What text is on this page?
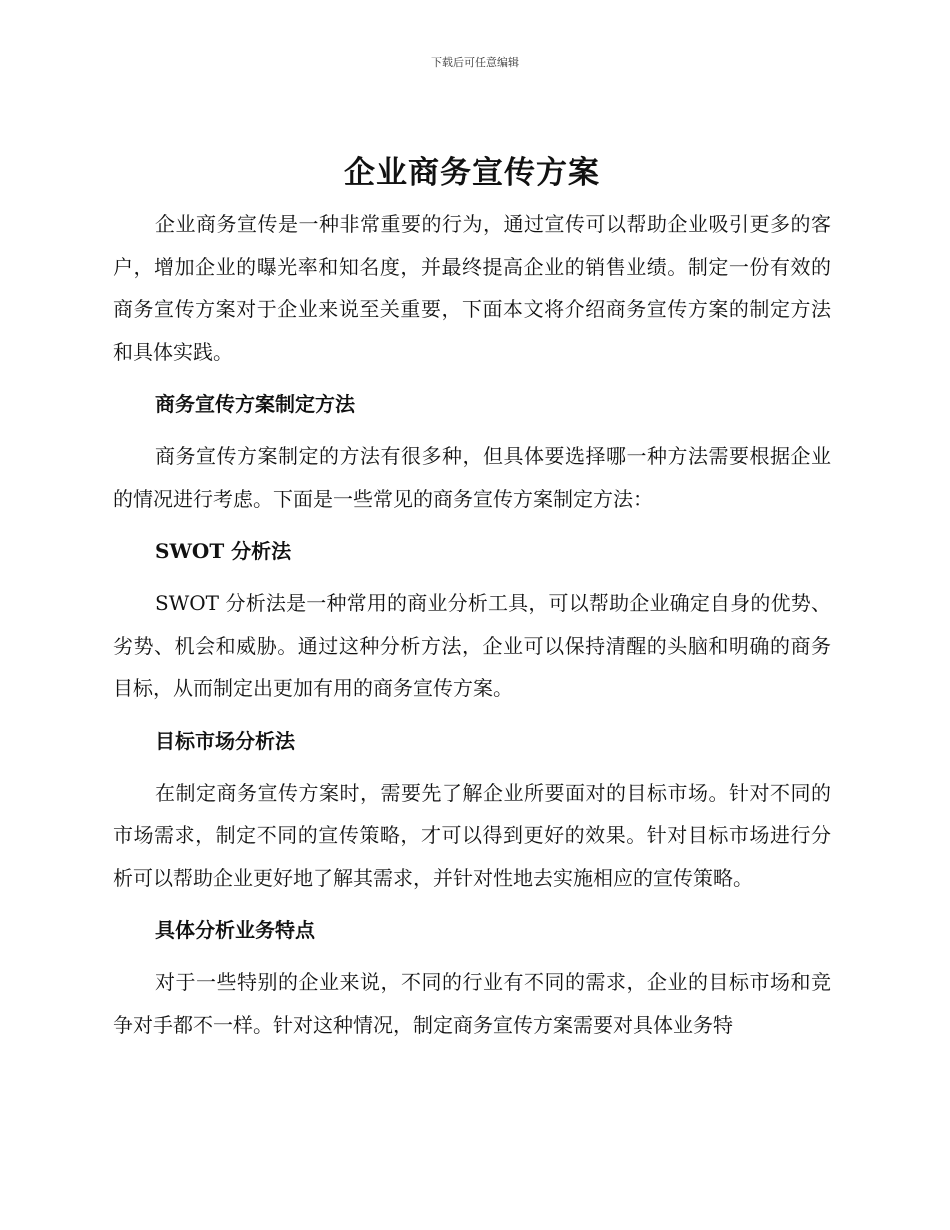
下载后可任意编辑
企业商务宣传方案

企业商务宣传是一种非常重要的行为，通过宣传可以帮助企业吸引更多的客户，增加企业的曝光率和知名度，并最终提高企业的销售业绩。制定一份有效的商务宣传方案对于企业来说至关重要，下面本文将介绍商务宣传方案的制定方法和具体实践。

商务宣传方案制定方法

商务宣传方案制定的方法有很多种，但具体要选择哪一种方法需要根据企业的情况进行考虑。下面是一些常见的商务宣传方案制定方法：

SWOT 分析法

SWOT 分析法是一种常用的商业分析工具，可以帮助企业确定自身的优势、劣势、机会和威胁。通过这种分析方法，企业可以保持清醒的头脑和明确的商务目标，从而制定出更加有用的商务宣传方案。

目标市场分析法

在制定商务宣传方案时，需要先了解企业所要面对的目标市场。针对不同的市场需求，制定不同的宣传策略，才可以得到更好的效果。针对目标市场进行分析可以帮助企业更好地了解其需求，并针对性地去实施相应的宣传策略。

具体分析业务特点

对于一些特别的企业来说，不同的行业有不同的需求，企业的目标市场和竞争对手都不一样。针对这种情况，制定商务宣传方案需要对具体业务特
